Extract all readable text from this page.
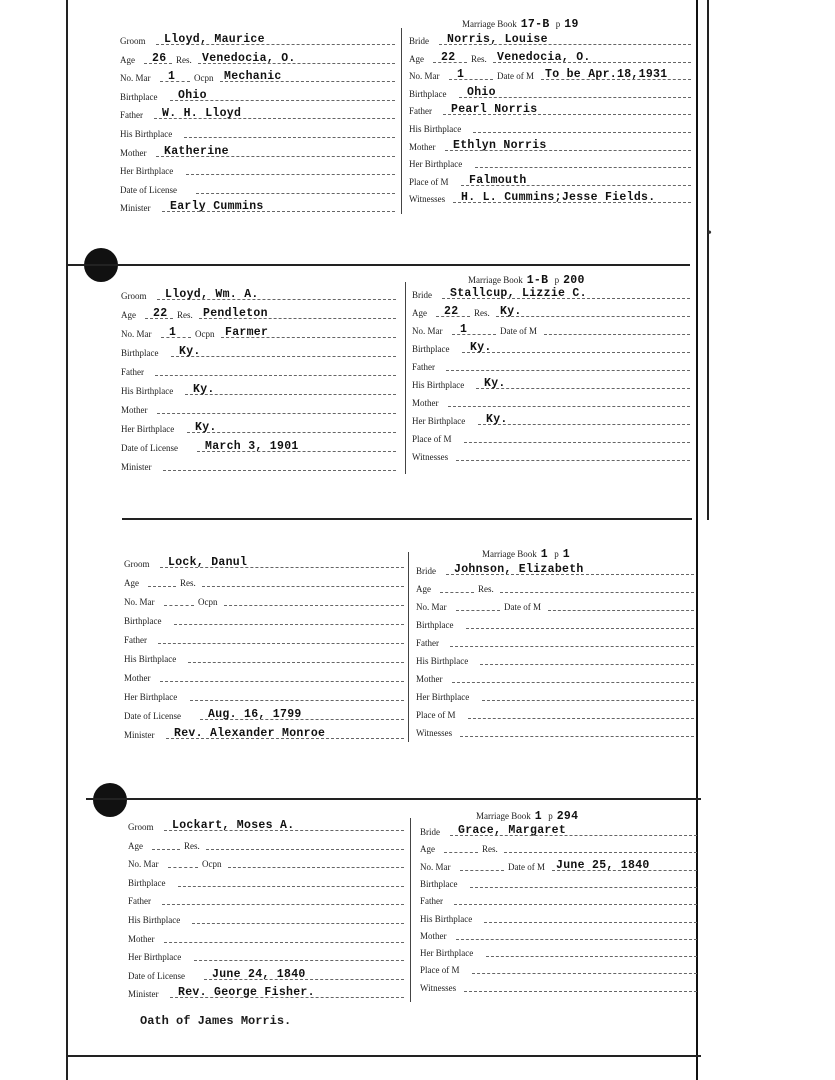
Groom Lloyd, Maurice
Age 26 Res. Venedocia, O.
No. Mar 1 Ocpn Mechanic
Birthplace Ohio
Father W. H. Lloyd
His Birthplace
Mother Katherine
Her Birthplace
Date of License
Minister Early Cummins
Marriage Book 17-B p 19
Bride Norris, Louise
Age 22 Res. Venedocia, O.
No. Mar 1	Date of M To be Apr.18,1931
Birthplace Ohio
Father Pearl Norris
His Birthplace
Mother Ethlyn Norris
Her Birthplace
Place of M Falmouth
Witnesses H. L. Cummins;Jesse Fields.
Groom Lloyd, Wm. A.
Age 22 Res. Pendleton
No. Mar 1 Ocpn Farmer
Birthplace Ky.
Father
His Birthplace Ky.
Mother
Her Birthplace Ky.
Date of License March 3, 1901
Minister
Marriage Book 1-B p 200
Bride Stallcup, Lizzie C.
Age 22 Res. Ky.
No. Mar 1	Date of M
Birthplace Ky.
Father
His Birthplace Ky.
Mother
Her Birthplace Ky.
Place of M
Witnesses
Groom Lock, Danul
Age	Res.
No. Mar	Ocpn
Birthplace
Father
His Birthplace
Mother
Her Birthplace
Date of License Aug. 16, 1799
Minister Rev. Alexander Monroe
Marriage Book 1 p 1
Bride Johnson, Elizabeth
Age	Res.
No. Mar	Date of M
Birthplace
Father
His Birthplace
Mother
Her Birthplace
Place of M
Witnesses
Groom Lockart, Moses A.
Age	Res.
No. Mar	Ocpn
Birthplace
Father
His Birthplace
Mother
Her Birthplace
Date of License June 24, 1840
Minister Rev. George Fisher.
Marriage Book 1 p 294
Bride Grace, Margaret
Age	Res.
No. Mar	Date of M June 25, 1840
Birthplace
Father
His Birthplace
Mother
Her Birthplace
Place of M
Witnesses
Oath of James Morris.
•
